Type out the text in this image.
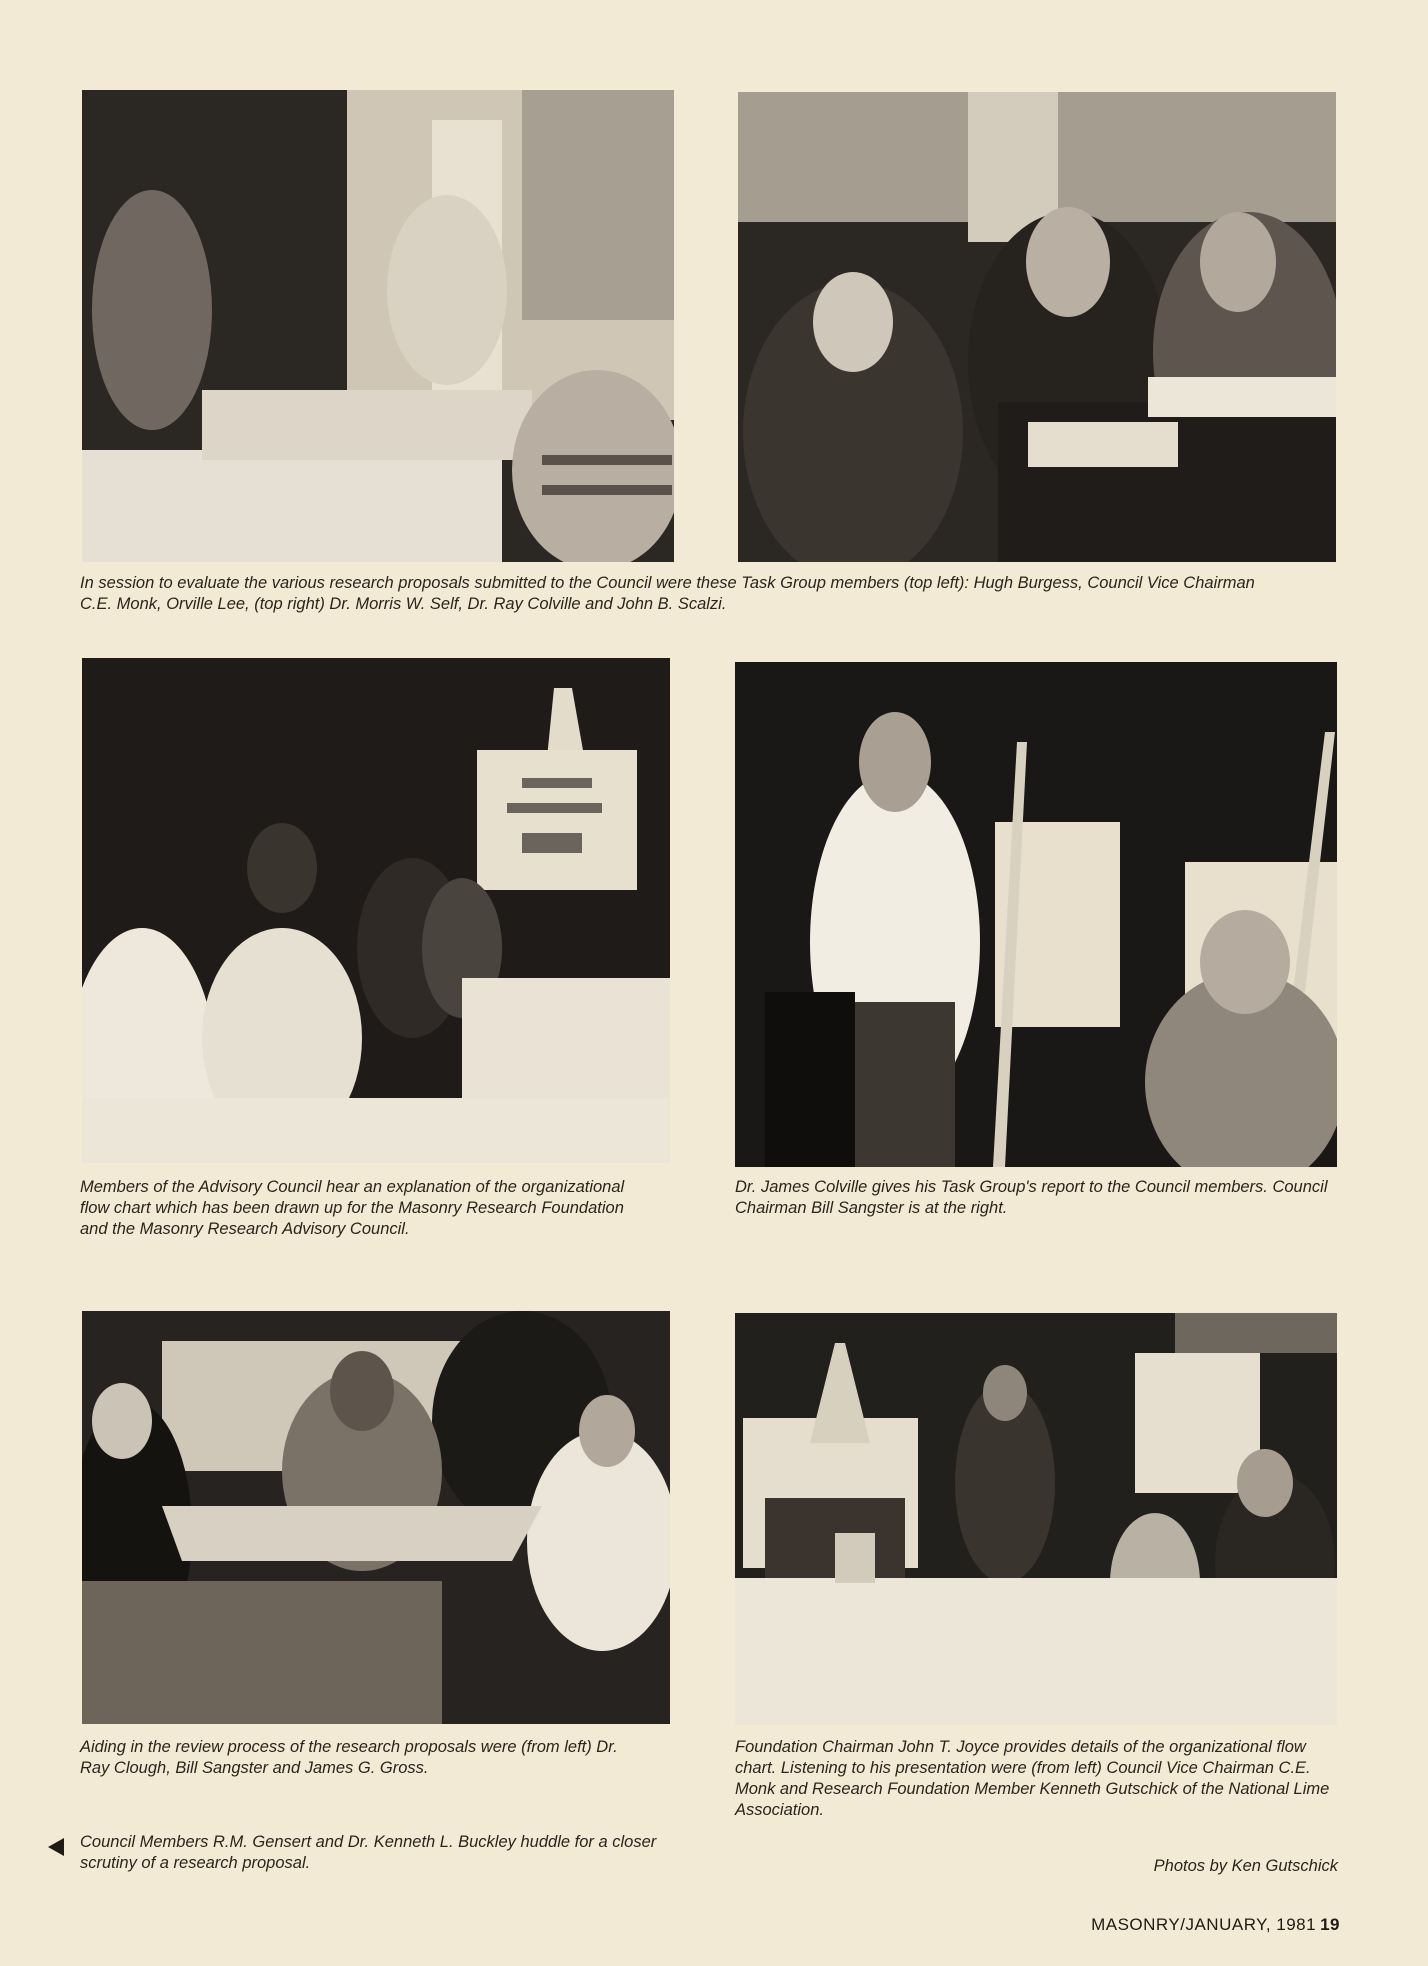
In session to evaluate the various research proposals submitted to the Council were these Task Group members (top left): Hugh Burgess, Council Vice Chairman C.E. Monk, Orville Lee, (top right) Dr. Morris W. Self, Dr. Ray Colville and John B. Scalzi.

Members of the Advisory Council hear an explanation of the organizational flow chart which has been drawn up for the Masonry Research Foundation and the Masonry Research Advisory Council.

Dr. James Colville gives his Task Group's report to the Council members. Council Chairman Bill Sangster is at the right.

Aiding in the review process of the research proposals were (from left) Dr. Ray Clough, Bill Sangster and James G. Gross.

Foundation Chairman John T. Joyce provides details of the organizational flow chart. Listening to his presentation were (from left) Council Vice Chairman C.E. Monk and Research Foundation Member Kenneth Gutschick of the National Lime Association.

Council Members R.M. Gensert and Dr. Kenneth L. Buckley huddle for a closer scrutiny of a research proposal.	Photos by Ken Gutschick
MASONRY/JANUARY, 1981 19
